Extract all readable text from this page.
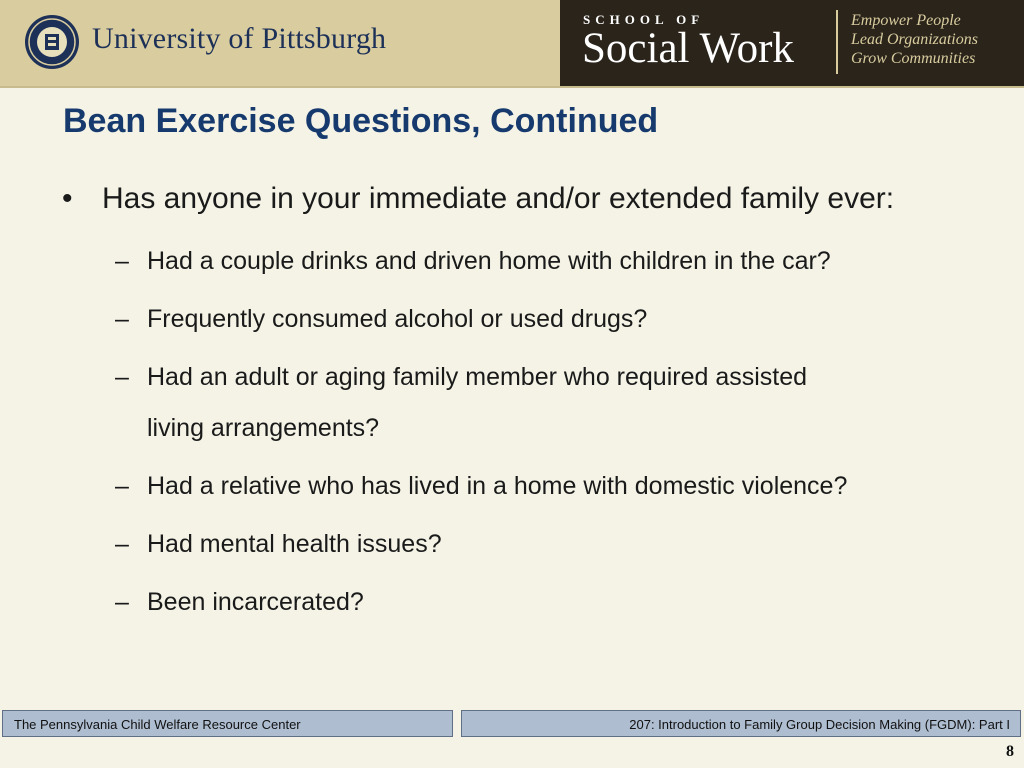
University of Pittsburgh
SCHOOL OF
Social Work
Empower People
Lead Organizations
Grow Communities
Bean Exercise Questions, Continued
• Has anyone in your immediate and/or extended family ever:
– Had a couple drinks and driven home with children in the car?
– Frequently consumed alcohol or used drugs?
– Had an adult or aging family member who required assisted
living arrangements?
– Had a relative who has lived in a home with domestic violence?
– Had mental health issues?
– Been incarcerated?
The Pennsylvania Child Welfare Resource Center	207: Introduction to Family Group Decision Making (FGDM): Part I
8
